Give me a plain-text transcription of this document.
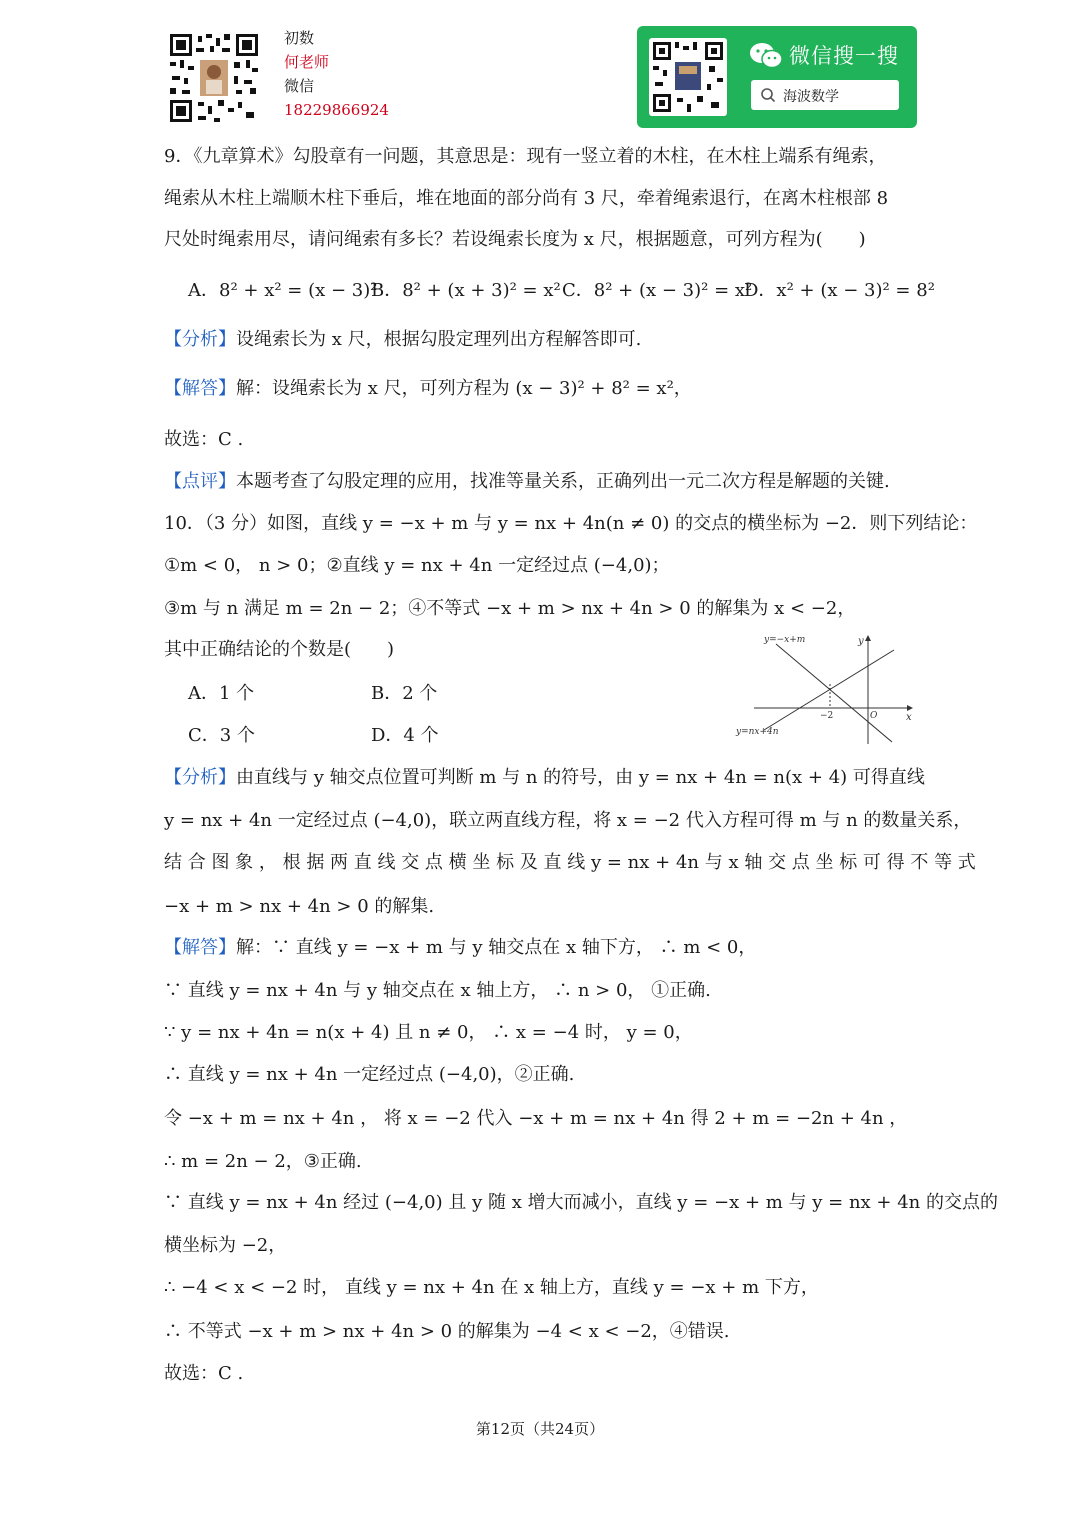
初数
何老师
微信
18229866924
微信搜一搜
海波数学
9．《九章算术》勾股章有一问题，其意思是：现有一竖立着的木柱，在木柱上端系有绳索，
绳索从木柱上端顺木柱下垂后，堆在地面的部分尚有 3 尺，牵着绳索退行，在离木柱根部 8
尺处时绳索用尽，请问绳索有多长？若设绳索长度为 x 尺，根据题意，可列方程为(　　)
A．8² + x² = (x − 3)²
B．8² + (x + 3)² = x² C．8² + (x − 3)² = x²
D．x² + (x − 3)² = 8²
【分析】设绳索长为 x 尺，根据勾股定理列出方程解答即可.
【解答】解：设绳索长为 x 尺，可列方程为 (x − 3)² + 8² = x²，
故选：C .
【点评】本题考查了勾股定理的应用，找准等量关系，正确列出一元二次方程是解题的关键.
10．（3 分）如图，直线 y = −x + m 与 y = nx + 4n(n ≠ 0) 的交点的横坐标为 −2．则下列结论：
①m < 0， n > 0；②直线 y = nx + 4n 一定经过点 (−4,0)；
③m 与 n 满足 m = 2n − 2；④不等式 −x + m > nx + 4n > 0 的解集为 x < −2，
其中正确结论的个数是(　　)
A．1 个	B．2 个
C．3 个	D．4 个
y=−x+m
y=nx+4n
y
x
O
−2
【分析】由直线与 y 轴交点位置可判断 m 与 n 的符号，由 y = nx + 4n = n(x + 4) 可得直线
y = nx + 4n 一定经过点 (−4,0)，联立两直线方程，将 x = −2 代入方程可得 m 与 n 的数量关系，
结 合 图 象 ， 根 据 两 直 线 交 点 横 坐 标 及 直 线 y = nx + 4n 与 x 轴 交 点 坐 标 可 得 不 等 式
−x + m > nx + 4n > 0 的解集.
【解答】解：∵ 直线 y = −x + m 与 y 轴交点在 x 轴下方， ∴ m < 0，
∵ 直线 y = nx + 4n 与 y 轴交点在 x 轴上方， ∴ n > 0， ①正确.
∵ y = nx + 4n = n(x + 4) 且 n ≠ 0， ∴ x = −4 时， y = 0，
∴ 直线 y = nx + 4n 一定经过点 (−4,0)，②正确.
令 −x + m = nx + 4n ， 将 x = −2 代入 −x + m = nx + 4n 得 2 + m = −2n + 4n ，
∴ m = 2n − 2，③正确.
∵ 直线 y = nx + 4n 经过 (−4,0) 且 y 随 x 增大而减小，直线 y = −x + m 与 y = nx + 4n 的交点的
横坐标为 −2，
∴ −4 < x < −2 时， 直线 y = nx + 4n 在 x 轴上方，直线 y = −x + m 下方，
∴ 不等式 −x + m > nx + 4n > 0 的解集为 −4 < x < −2，④错误.
故选：C .
第12页（共24页）
